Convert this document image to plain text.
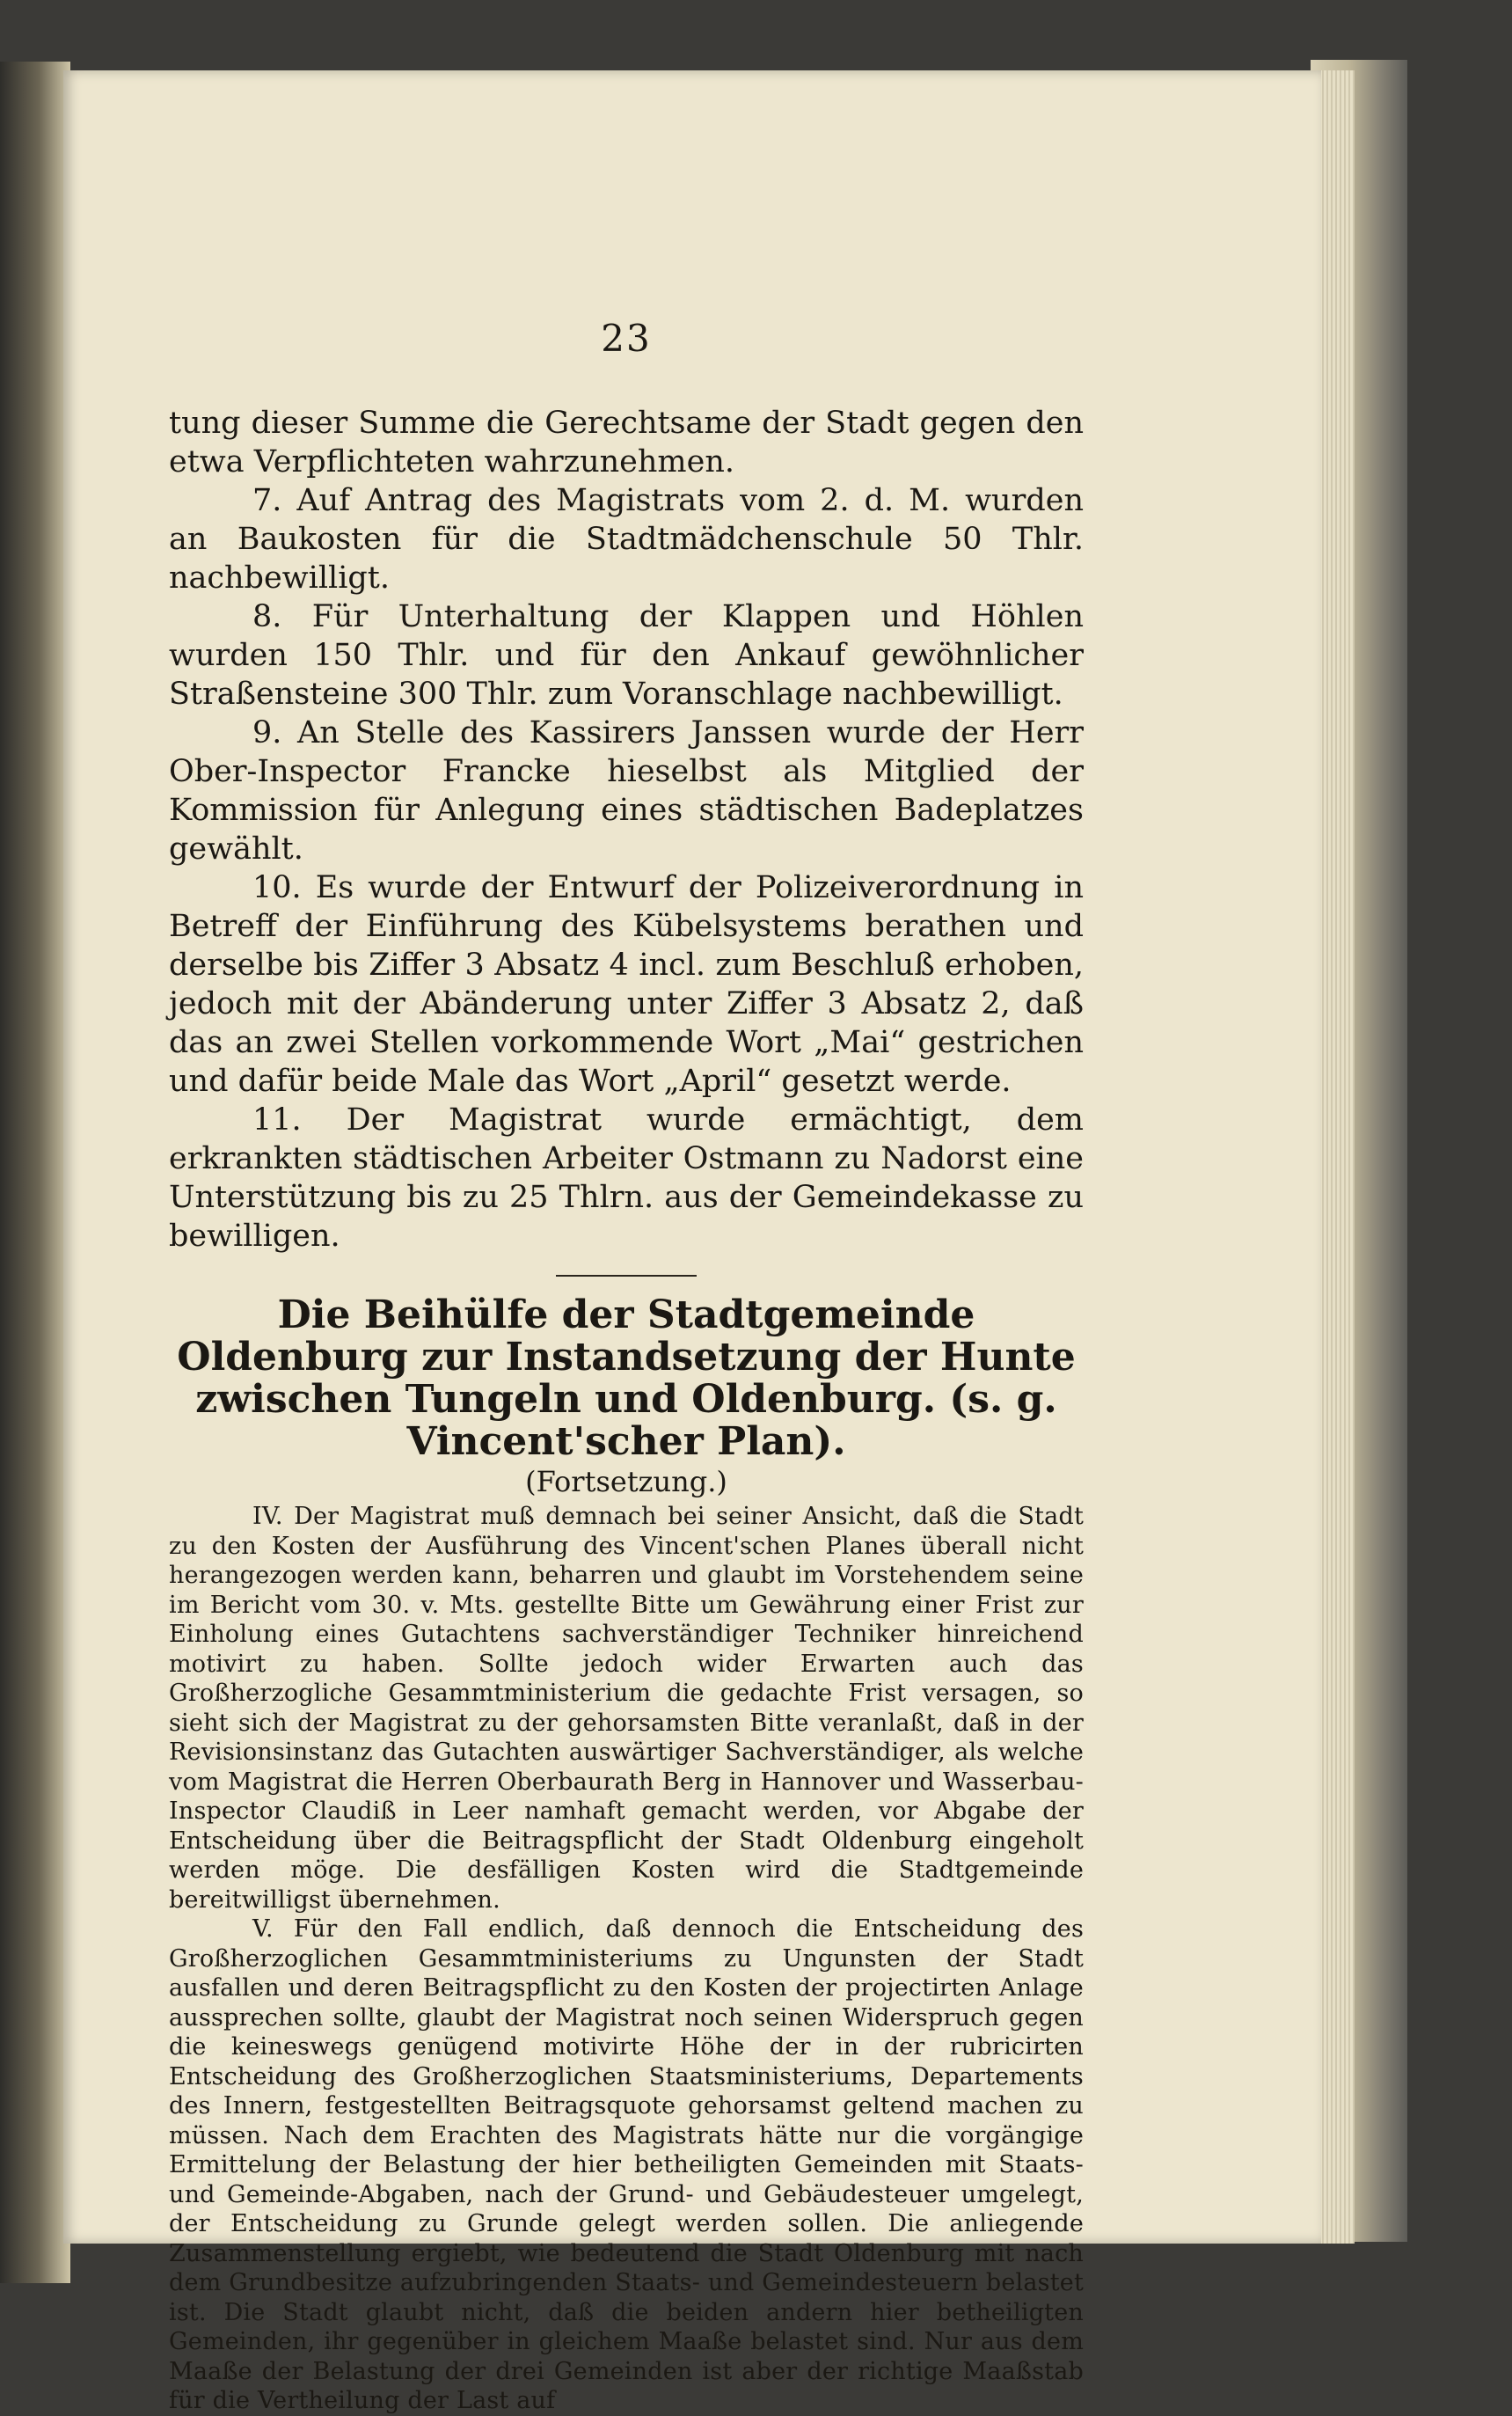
23

tung dieser Summe die Gerechtsame der Stadt gegen den etwa Verpflichteten wahrzunehmen.

7. Auf Antrag des Magistrats vom 2. d. M. wurden an Baukosten für die Stadtmädchenschule 50 Thlr. nachbewilligt.

8. Für Unterhaltung der Klappen und Höhlen wurden 150 Thlr. und für den Ankauf gewöhnlicher Straßensteine 300 Thlr. zum Voranschlage nachbewilligt.

9. An Stelle des Kassirers Janssen wurde der Herr Ober-Inspector Francke hieselbst als Mitglied der Kommission für Anlegung eines städtischen Badeplatzes gewählt.

10. Es wurde der Entwurf der Polizeiverordnung in Betreff der Einführung des Kübelsystems berathen und derselbe bis Ziffer 3 Absatz 4 incl. zum Beschluß erhoben, jedoch mit der Abänderung unter Ziffer 3 Absatz 2, daß das an zwei Stellen vorkommende Wort „Mai“ gestrichen und dafür beide Male das Wort „April“ gesetzt werde.

11. Der Magistrat wurde ermächtigt, dem erkrankten städtischen Arbeiter Ostmann zu Nadorst eine Unterstützung bis zu 25 Thlrn. aus der Gemeindekasse zu bewilligen.

Die Beihülfe der Stadtgemeinde Oldenburg zur Instandsetzung der Hunte zwischen Tungeln und Oldenburg. (s. g. Vincent'scher Plan).

(Fortsetzung.)

IV. Der Magistrat muß demnach bei seiner Ansicht, daß die Stadt zu den Kosten der Ausführung des Vincent'schen Planes überall nicht herangezogen werden kann, beharren und glaubt im Vorstehendem seine im Bericht vom 30. v. Mts. gestellte Bitte um Gewährung einer Frist zur Einholung eines Gutachtens sachverständiger Techniker hinreichend motivirt zu haben. Sollte jedoch wider Erwarten auch das Großherzogliche Gesammtministerium die gedachte Frist versagen, so sieht sich der Magistrat zu der gehorsamsten Bitte veranlaßt, daß in der Revisionsinstanz das Gutachten auswärtiger Sachverständiger, als welche vom Magistrat die Herren Oberbaurath Berg in Hannover und Wasserbau-Inspector Claudiß in Leer namhaft gemacht werden, vor Abgabe der Entscheidung über die Beitragspflicht der Stadt Oldenburg eingeholt werden möge. Die desfälligen Kosten wird die Stadtgemeinde bereitwilligst übernehmen.

V. Für den Fall endlich, daß dennoch die Entscheidung des Großherzoglichen Gesammtministeriums zu Ungunsten der Stadt ausfallen und deren Beitragspflicht zu den Kosten der projectirten Anlage aussprechen sollte, glaubt der Magistrat noch seinen Widerspruch gegen die keineswegs genügend motivirte Höhe der in der rubricirten Entscheidung des Großherzoglichen Staatsministeriums, Departements des Innern, festgestellten Beitragsquote gehorsamst geltend machen zu müssen. Nach dem Erachten des Magistrats hätte nur die vorgängige Ermittelung der Belastung der hier betheiligten Gemeinden mit Staats- und Gemeinde-Abgaben, nach der Grund- und Gebäudesteuer umgelegt, der Entscheidung zu Grunde gelegt werden sollen. Die anliegende Zusammenstellung ergiebt, wie bedeutend die Stadt Oldenburg mit nach dem Grundbesitze aufzubringenden Staats- und Gemeindesteuern belastet ist. Die Stadt glaubt nicht, daß die beiden andern hier betheiligten Gemeinden, ihr gegenüber in gleichem Maaße belastet sind. Nur aus dem Maaße der Belastung der drei Gemeinden ist aber der richtige Maaßstab für die Vertheilung der Last auf
